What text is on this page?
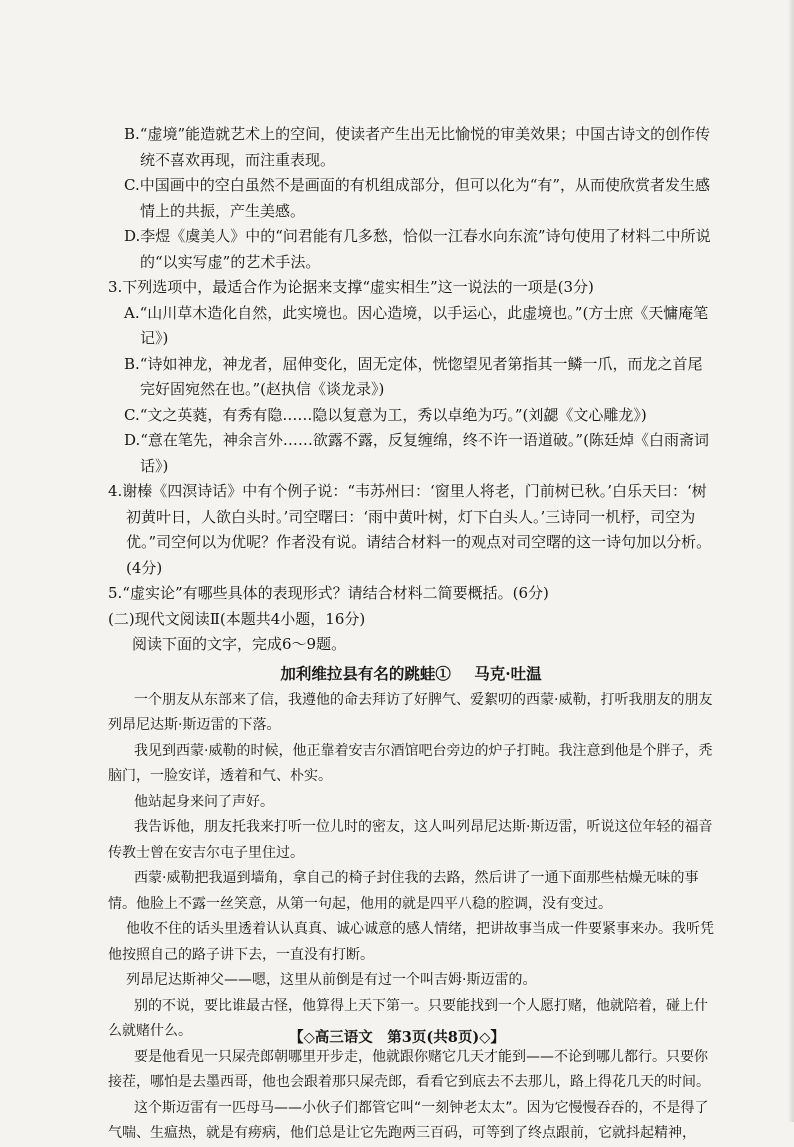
B.“虚境”能造就艺术上的空间，使读者产生出无比愉悦的审美效果；中国古诗文的创作传统不喜欢再现，而注重表现。

C.中国画中的空白虽然不是画面的有机组成部分，但可以化为“有”，从而使欣赏者发生感情上的共振，产生美感。

D.李煜《虞美人》中的“问君能有几多愁，恰似一江春水向东流”诗句使用了材料二中所说的“以实写虚”的艺术手法。

3.下列选项中，最适合作为论据来支撑“虚实相生”这一说法的一项是(3分)

A.“山川草木造化自然，此实境也。因心造境，以手运心，此虚境也。”(方士庶《天慵庵笔记》)

B.“诗如神龙，神龙者，屈伸变化，固无定体，恍惚望见者第指其一鳞一爪，而龙之首尾完好固宛然在也。”(赵执信《谈龙录》)

C.“文之英蕤，有秀有隐……隐以复意为工，秀以卓绝为巧。”(刘勰《文心雕龙》)

D.“意在笔先，神余言外……欲露不露，反复缠绵，终不许一语道破。”(陈廷焯《白雨斋词话》)

4.谢榛《四溟诗话》中有个例子说：“韦苏州曰：‘窗里人将老，门前树已秋。’白乐天曰：‘树初黄叶日，人欲白头时。’司空曙曰：‘雨中黄叶树，灯下白头人。’三诗同一机杼，司空为优。”司空何以为优呢？作者没有说。请结合材料一的观点对司空曙的这一诗句加以分析。(4分)

5.“虚实论”有哪些具体的表现形式？请结合材料二简要概括。(6分)

(二)现代文阅读Ⅱ(本题共4小题，16分)

阅读下面的文字，完成6～9题。

加利维拉县有名的跳蛙① 马克·吐温

一个朋友从东部来了信，我遵他的命去拜访了好脾气、爱絮叨的西蒙·威勒，打听我朋友的朋友列昂尼达斯·斯迈雷的下落。

我见到西蒙·威勒的时候，他正靠着安吉尔酒馆吧台旁边的炉子打盹。我注意到他是个胖子，秃脑门，一脸安详，透着和气、朴实。

他站起身来问了声好。

我告诉他，朋友托我来打听一位儿时的密友，这人叫列昂尼达斯·斯迈雷，听说这位年轻的福音传教士曾在安吉尔屯子里住过。

西蒙·威勒把我逼到墙角，拿自己的椅子封住我的去路，然后讲了一通下面那些枯燥无味的事情。他脸上不露一丝笑意，从第一句起，他用的就是四平八稳的腔调，没有变过。

他收不住的话头里透着认认真真、诚心诚意的感人情绪，把讲故事当成一件要紧事来办。我听凭他按照自己的路子讲下去，一直没有打断。

列昂尼达斯神父——嗯，这里从前倒是有过一个叫吉姆·斯迈雷的。

别的不说，要比谁最古怪，他算得上天下第一。只要能找到一个人愿打赌，他就陪着，碰上什么就赌什么。

要是他看见一只屎壳郎朝哪里开步走，他就跟你赌它几天才能到——不论到哪儿都行。只要你接茬，哪怕是去墨西哥，他也会跟着那只屎壳郎，看看它到底去不去那儿，路上得花几天的时间。

这个斯迈雷有一匹母马——小伙子们都管它叫“一刻钟老太太”。因为它慢慢吞吞的，不是得了气喘、生瘟热，就是有痨病，他们总是让它先跑两三百码，可等到了终点跟前，它就抖起精神，

【◇高三语文　第3页(共8页)◇】
